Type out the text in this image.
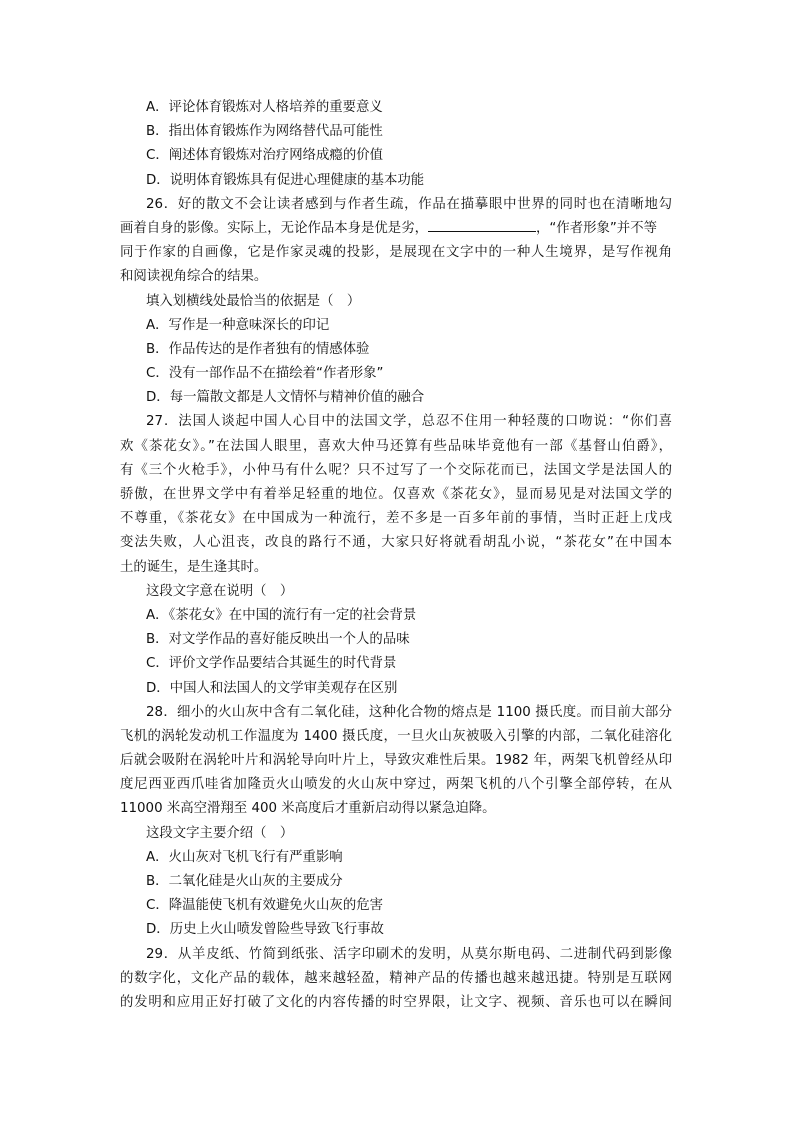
A．评论体育锻炼对人格培养的重要意义
B．指出体育锻炼作为网络替代品可能性
C．阐述体育锻炼对治疗网络成瘾的价值
D．说明体育锻炼具有促进心理健康的基本功能
26．好的散文不会让读者感到与作者生疏，作品在描摹眼中世界的同时也在清晰地勾
画着自身的影像。实际上，无论作品本身是优是劣，	，“作者形象”并不等
同于作家的自画像，它是作家灵魂的投影，是展现在文字中的一种人生境界，是写作视角
和阅读视角综合的结果。
填入划横线处最恰当的依据是（　）
A．写作是一种意味深长的印记
B．作品传达的是作者独有的情感体验
C．没有一部作品不在描绘着“作者形象”
D．每一篇散文都是人文情怀与精神价值的融合
27．法国人谈起中国人心目中的法国文学，总忍不住用一种轻蔑的口吻说：“你们喜
欢《茶花女》。”在法国人眼里，喜欢大仲马还算有些品味毕竟他有一部《基督山伯爵》，
有《三个火枪手》，小仲马有什么呢？只不过写了一个交际花而已，法国文学是法国人的
骄傲，在世界文学中有着举足轻重的地位。仅喜欢《茶花女》，显而易见是对法国文学的
不尊重，《茶花女》在中国成为一种流行，差不多是一百多年前的事情，当时正赶上戊戌
变法失败，人心沮丧，改良的路行不通，大家只好将就看胡乱小说，“茶花女”在中国本
土的诞生，是生逢其时。
这段文字意在说明（　）
A．《茶花女》在中国的流行有一定的社会背景
B．对文学作品的喜好能反映出一个人的品味
C．评价文学作品要结合其诞生的时代背景
D．中国人和法国人的文学审美观存在区别
28．细小的火山灰中含有二氧化硅，这种化合物的熔点是 1100 摄氏度。而目前大部分
飞机的涡轮发动机工作温度为 1400 摄氏度，一旦火山灰被吸入引擎的内部，二氧化硅溶化
后就会吸附在涡轮叶片和涡轮导向叶片上，导致灾难性后果。1982 年，两架飞机曾经从印
度尼西亚西爪哇省加隆贡火山喷发的火山灰中穿过，两架飞机的八个引擎全部停转，在从
11000 米高空滑翔至 400 米高度后才重新启动得以紧急迫降。
这段文字主要介绍（　）
A．火山灰对飞机飞行有严重影响
B．二氧化硅是火山灰的主要成分
C．降温能使飞机有效避免火山灰的危害
D．历史上火山喷发曾险些导致飞行事故
29．从羊皮纸、竹简到纸张、活字印刷术的发明，从莫尔斯电码、二进制代码到影像
的数字化，文化产品的载体，越来越轻盈，精神产品的传播也越来越迅捷。特别是互联网
的发明和应用正好打破了文化的内容传播的时空界限，让文字、视频、音乐也可以在瞬间
